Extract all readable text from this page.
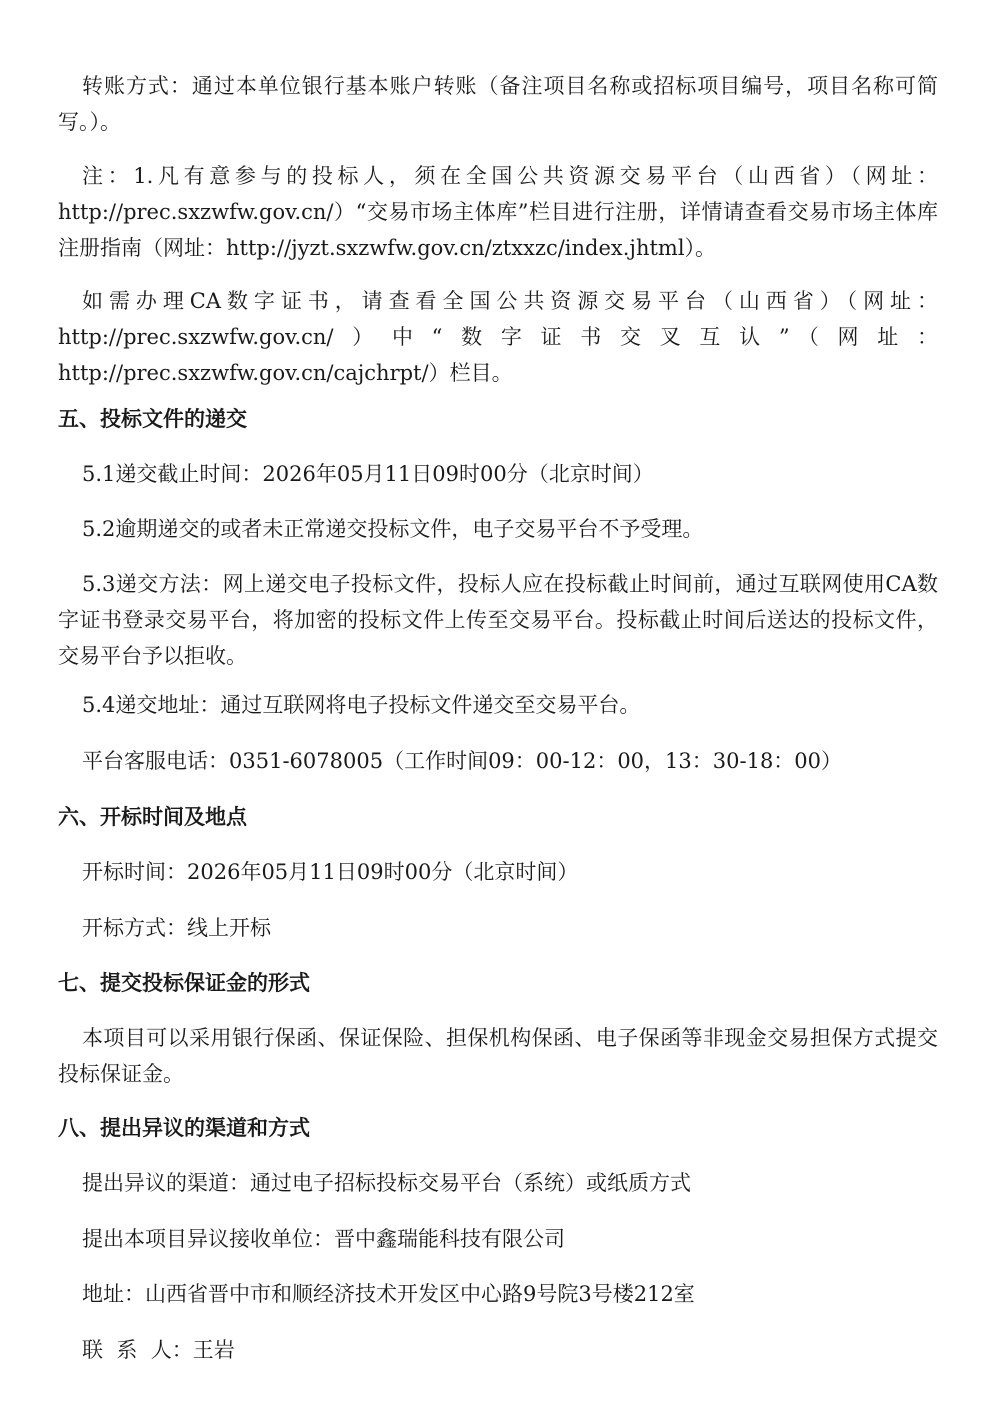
转账方式：通过本单位银行基本账户转账（备注项目名称或招标项目编号，项目名称可简写。）。

注：1.凡有意参与的投标人，须在全国公共资源交易平台（山西省）（网址：http://prec.sxzwfw.gov.cn/）“交易市场主体库”栏目进行注册，详情请查看交易市场主体库注册指南（网址：http://jyzt.sxzwfw.gov.cn/ztxxzc/index.jhtml）。

如需办理CA数字证书，请查看全国公共资源交易平台（山西省）（网址：http://prec.sxzwfw.gov.cn/）中“数字证书交叉互认”（网址：http://prec.sxzwfw.gov.cn/cajchrpt/）栏目。

五、投标文件的递交

5.1递交截止时间：2026年05月11日09时00分（北京时间）

5.2逾期递交的或者未正常递交投标文件，电子交易平台不予受理。

5.3递交方法：网上递交电子投标文件，投标人应在投标截止时间前，通过互联网使用CA数字证书登录交易平台，将加密的投标文件上传至交易平台。投标截止时间后送达的投标文件，交易平台予以拒收。

5.4递交地址：通过互联网将电子投标文件递交至交易平台。

平台客服电话：0351-6078005（工作时间09：00-12：00，13：30-18：00）

六、开标时间及地点

开标时间：2026年05月11日09时00分（北京时间）

开标方式：线上开标

七、提交投标保证金的形式

本项目可以采用银行保函、保证保险、担保机构保函、电子保函等非现金交易担保方式提交投标保证金。

八、提出异议的渠道和方式

提出异议的渠道：通过电子招标投标交易平台（系统）或纸质方式

提出本项目异议接收单位：晋中鑫瑞能科技有限公司

地址：山西省晋中市和顺经济技术开发区中心路9号院3号楼212室

联  系  人：王岩
